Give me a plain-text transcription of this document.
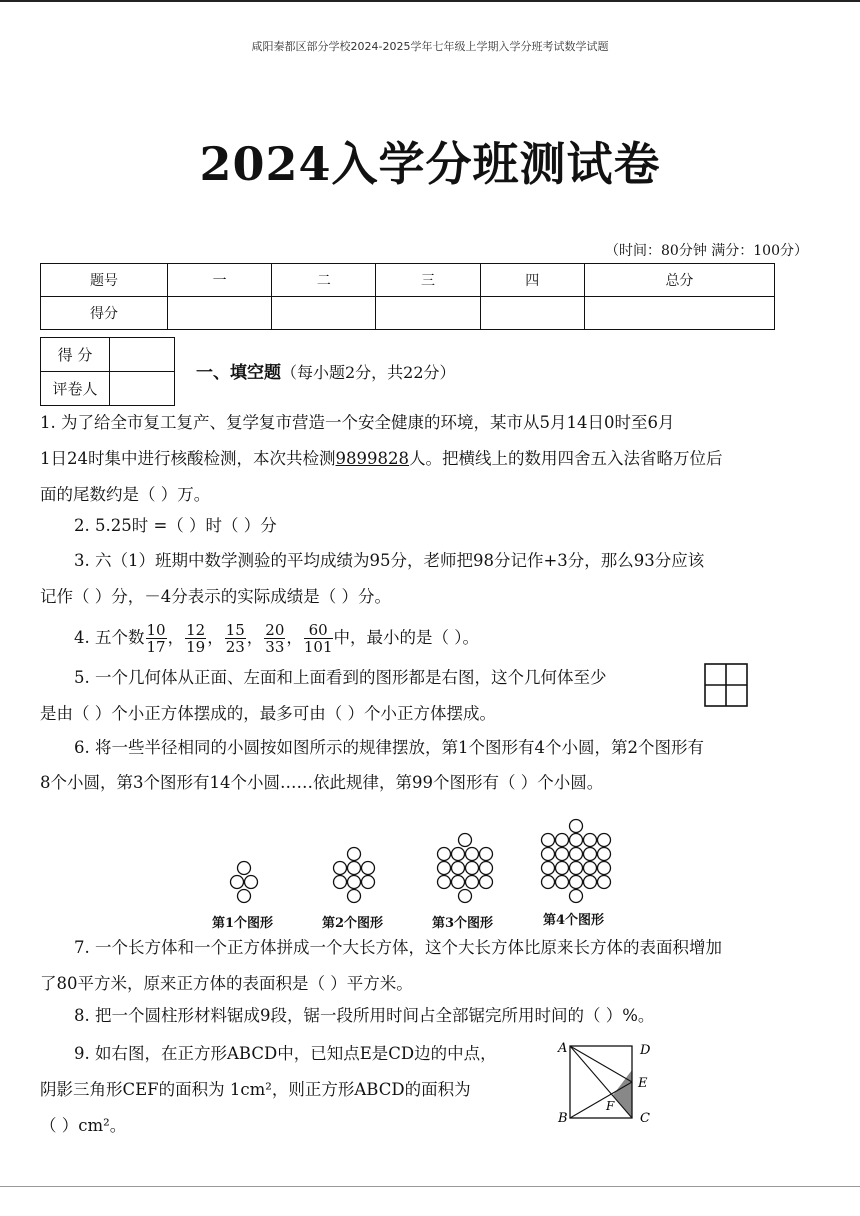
咸阳秦都区部分学校2024-2025学年七年级上学期入学分班考试数学试题
2024入学分班测试卷
（时间：80分钟 满分：100分）
题号	一	二	三	四	总分
得分					
得 分	
评卷人	
一、填空题（每小题2分，共22分）
1. 为了给全市复工复产、复学复市营造一个安全健康的环境，某市从5月14日0时至6月
1日24时集中进行核酸检测，本次共检测9899828人。把横线上的数用四舍五入法省略万位后
面的尾数约是（ ）万。
2. 5.25时 =（ ）时（ ）分
3. 六（1）班期中数学测验的平均成绩为95分，老师把98分记作+3分，那么93分应该
记作（ ）分，－4分表示的实际成绩是（ ）分。
4. 五个数 $\frac{10}{17}$ ， $\frac{12}{19}$ ， $\frac{15}{23}$ ， $\frac{20}{33}$ ， $\frac{60}{101}$ 中，最小的是（ ）。
5. 一个几何体从正面、左面和上面看到的图形都是右图，这个几何体至少
是由（ ）个小正方体摆成的，最多可由（ ）个小正方体摆成。
6. 将一些半径相同的小圆按如图所示的规律摆放，第1个图形有4个小圆，第2个图形有
8个小圆，第3个图形有14个小圆……依此规律，第99个图形有（ ）个小圆。
第1个图形	第2个图形	第3个图形	第4个图形
7. 一个长方体和一个正方体拼成一个大长方体，这个大长方体比原来长方体的表面积增加
了80平方米，原来正方体的表面积是（ ）平方米。
8. 把一个圆柱形材料锯成9段，锯一段所用时间占全部锯完所用时间的（ ）%。
9. 如右图，在正方形ABCD中，已知点E是CD边的中点，
阴影三角形CEF的面积为 1cm²，则正方形ABCD的面积为
（ ）cm²。
A	D
E
F
B	C
